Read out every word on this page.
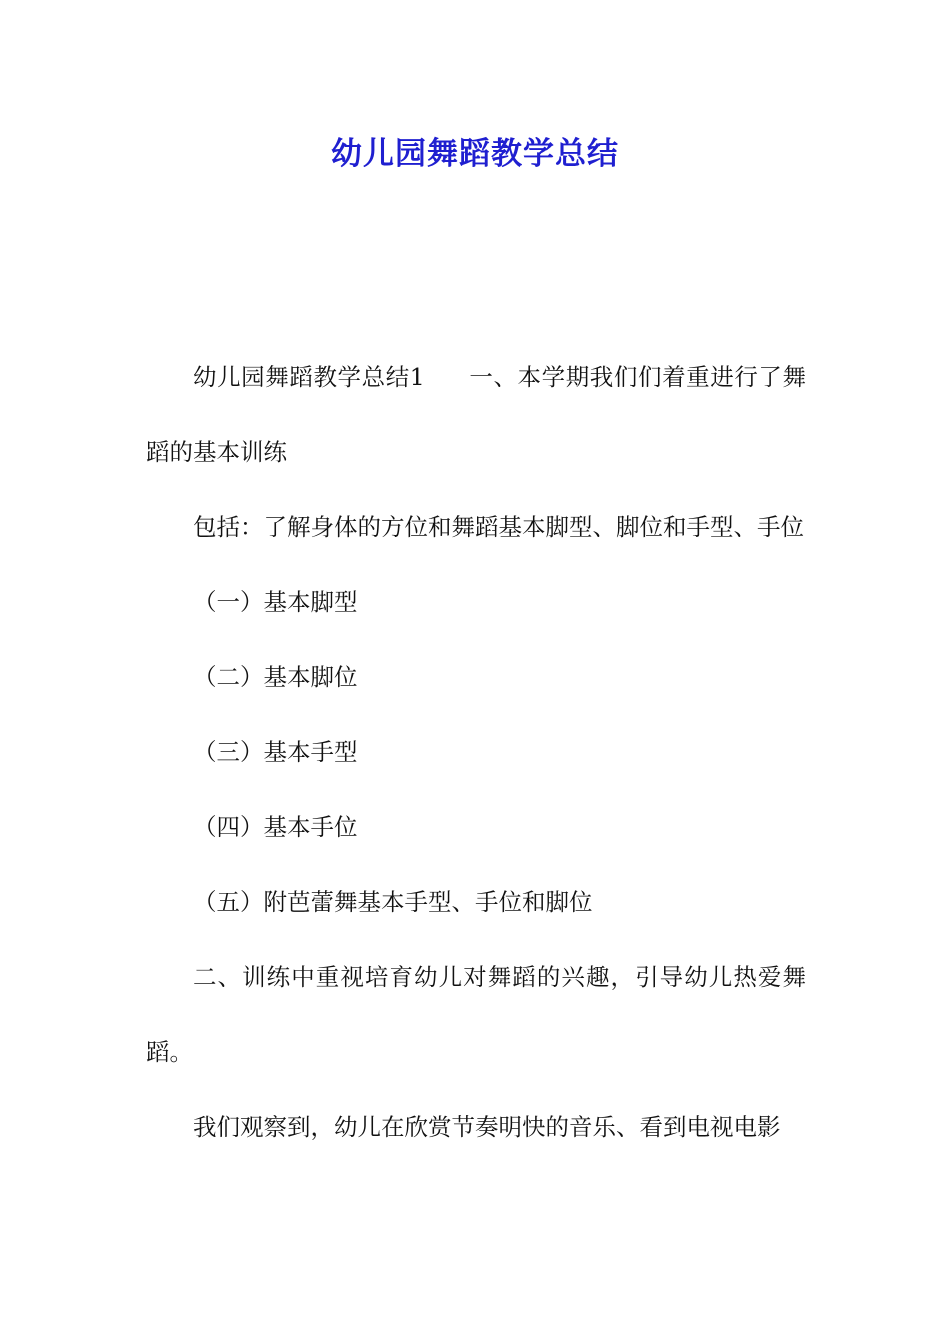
幼儿园舞蹈教学总结

幼儿园舞蹈教学总结1 一、本学期我们们着重进行了舞蹈的基本训练

包括：了解身体的方位和舞蹈基本脚型、脚位和手型、手位

（一）基本脚型

（二）基本脚位

（三）基本手型

（四）基本手位

（五）附芭蕾舞基本手型、手位和脚位

二、训练中重视培育幼儿对舞蹈的兴趣，引导幼儿热爱舞蹈。

我们观察到，幼儿在欣赏节奏明快的音乐、看到电视电影
